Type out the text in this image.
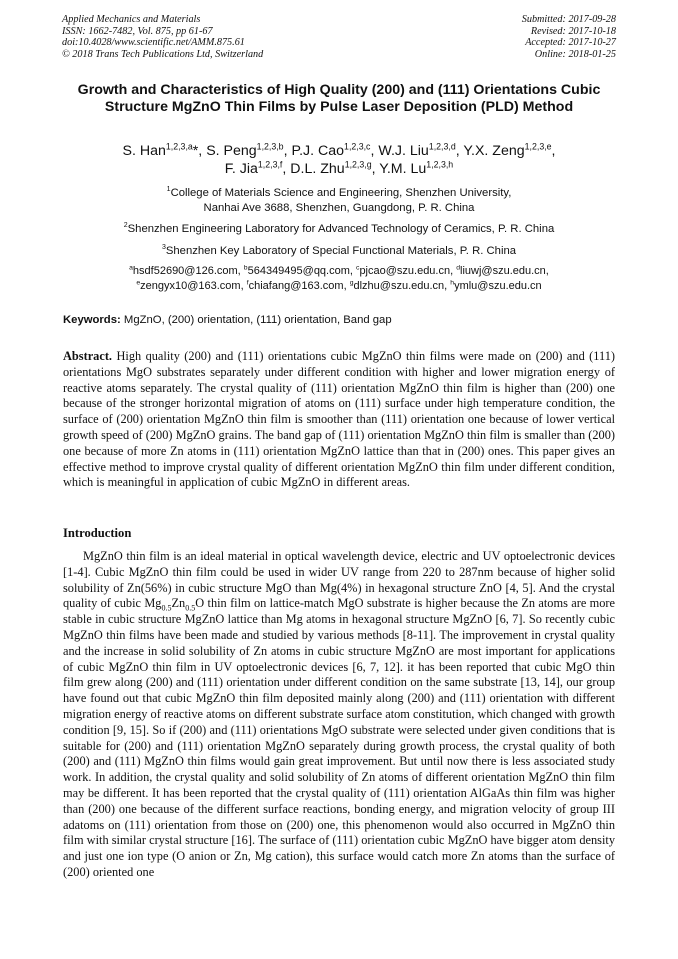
Applied Mechanics and Materials
ISSN: 1662-7482, Vol. 875, pp 61-67
doi:10.4028/www.scientific.net/AMM.875.61
© 2018 Trans Tech Publications Ltd, Switzerland
Submitted: 2017-09-28
Revised: 2017-10-18
Accepted: 2017-10-27
Online: 2018-01-25
Growth and Characteristics of High Quality (200) and (111) Orientations Cubic Structure MgZnO Thin Films by Pulse Laser Deposition (PLD) Method
S. Han$^{1,2,3,a}$*, S. Peng$^{1,2,3,b}$, P.J. Cao$^{1,2,3,c}$, W.J. Liu$^{1,2,3,d}$, Y.X. Zeng$^{1,2,3,e}$,
F. Jia$^{1,2,3,f}$, D.L. Zhu$^{1,2,3,g}$, Y.M. Lu$^{1,2,3,h}$
$^1$College of Materials Science and Engineering, Shenzhen University,
Nanhai Ave 3688, Shenzhen, Guangdong, P. R. China
$^2$Shenzhen Engineering Laboratory for Advanced Technology of Ceramics, P. R. China
$^3$Shenzhen Key Laboratory of Special Functional Materials, P. R. China
$^a$hsdf52690@126.com, $^b$564349495@qq.com, $^c$pjcao@szu.edu.cn, $^d$liuwj@szu.edu.cn,
$^e$zengyx10@163.com, $^f$chiafang@163.com, $^g$dlzhu@szu.edu.cn, $^h$ymlu@szu.edu.cn
Keywords: MgZnO, (200) orientation, (111) orientation, Band gap
Abstract. High quality (200) and (111) orientations cubic MgZnO thin films were made on (200) and (111) orientations MgO substrates separately under different condition with higher and lower migration energy of reactive atoms separately. The crystal quality of (111) orientation MgZnO thin film is higher than (200) one because of the stronger horizontal migration of atoms on (111) surface under high temperature condition, the surface of (200) orientation MgZnO thin film is smoother than (111) orientation one because of lower vertical growth speed of (200) MgZnO grains. The band gap of (111) orientation MgZnO thin film is smaller than (200) one because of more Zn atoms in (111) orientation MgZnO lattice than that in (200) ones. This paper gives an effective method to improve crystal quality of different orientation MgZnO thin film under different condition, which is meaningful in application of cubic MgZnO in different areas.
Introduction
MgZnO thin film is an ideal material in optical wavelength device, electric and UV optoelectronic devices [1-4]. Cubic MgZnO thin film could be used in wider UV range from 220 to 287nm because of higher solid solubility of Zn(56%) in cubic structure MgO than Mg(4%) in hexagonal structure ZnO [4, 5]. And the crystal quality of cubic $Mg_{0.5}Zn_{0.5}O$ thin film on lattice-match MgO substrate is higher because the Zn atoms are more stable in cubic structure MgZnO lattice than Mg atoms in hexagonal structure MgZnO [6, 7]. So recently cubic MgZnO thin films have been made and studied by various methods [8-11]. The improvement in crystal quality and the increase in solid solubility of Zn atoms in cubic structure MgZnO are most important for applications of cubic MgZnO thin film in UV optoelectronic devices [6, 7, 12]. it has been reported that cubic MgO thin film grew along (200) and (111) orientation under different condition on the same substrate [13, 14], our group have found out that cubic MgZnO thin film deposited mainly along (200) and (111) orientation with different migration energy of reactive atoms on different substrate surface atom constitution, which changed with growth condition [9, 15]. So if (200) and (111) orientations MgO substrate were selected under given conditions that is suitable for (200) and (111) orientation MgZnO separately during growth process, the crystal quality of both (200) and (111) MgZnO thin films would gain great improvement. But until now there is less associated study work. In addition, the crystal quality and solid solubility of Zn atoms of different orientation MgZnO thin film may be different. It has been reported that the crystal quality of (111) orientation AlGaAs thin film was higher than (200) one because of the different surface reactions, bonding energy, and migration velocity of group III adatoms on (111) orientation from those on (200) one, this phenomenon would also occurred in MgZnO thin film with similar crystal structure [16]. The surface of (111) orientation cubic MgZnO have bigger atom density and just one ion type (O anion or Zn, Mg cation), this surface would catch more Zn atoms than the surface of (200) oriented one
